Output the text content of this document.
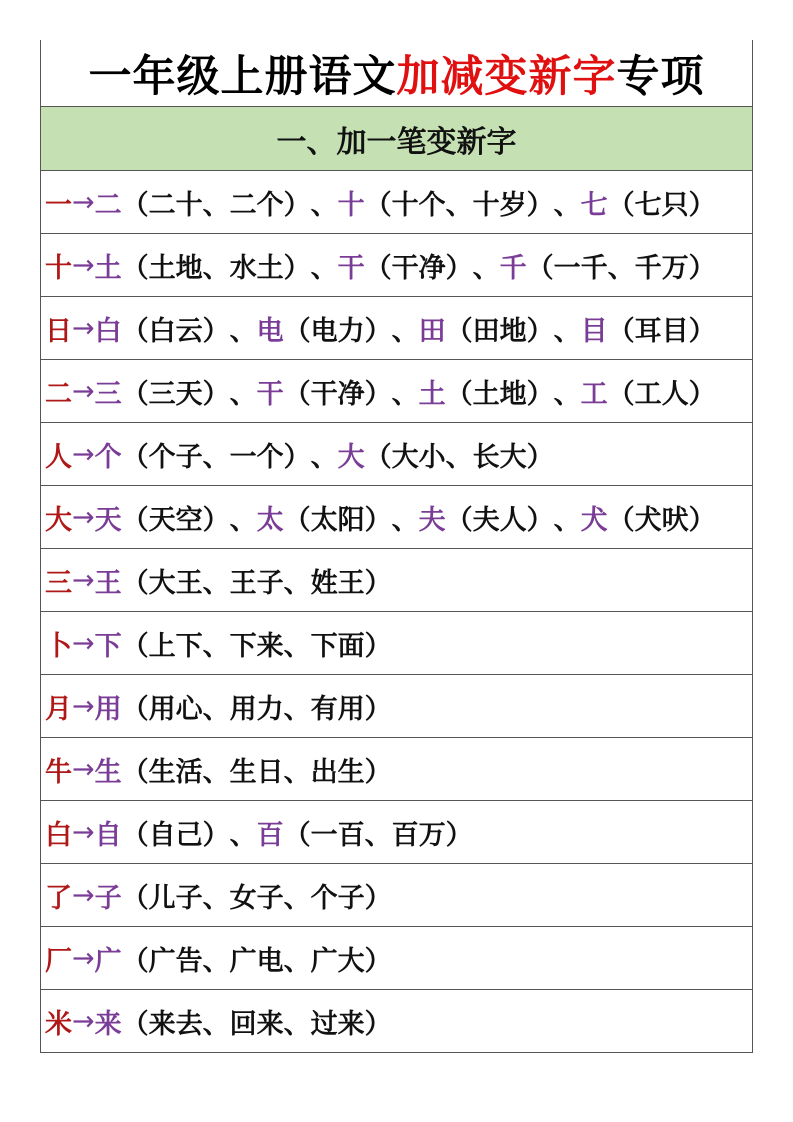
一年级上册语文 加减变新字 专项
一、加一笔变新字
一 → 二 （二十、二个） 、 十 （十个、十岁） 、 七 （七只）
十 → 土 （土地、水土） 、 干 （干净） 、 千 （一千、千万）
日 → 白 （白云） 、 电 （电力） 、 田 （田地） 、 目 （耳目）
二 → 三 （三天） 、 干 （干净） 、 土 （土地） 、 工 （工人）
人 → 个 （个子、一个） 、 大 （大小、长大）
大 → 天 （天空） 、 太 （太阳） 、 夫 （夫人） 、 犬 （犬吠）
三 → 王 （大王、王子、姓王）
卜 → 下 （上下、下来、下面）
月 → 用 （用心、用力、有用）
牛 → 生 （生活、生日、出生）
白 → 自 （自己） 、 百 （一百、百万）
了 → 子 （儿子、女子、个子）
厂 → 广 （广告、广电、广大）
米 → 来 （来去、回来、过来）
